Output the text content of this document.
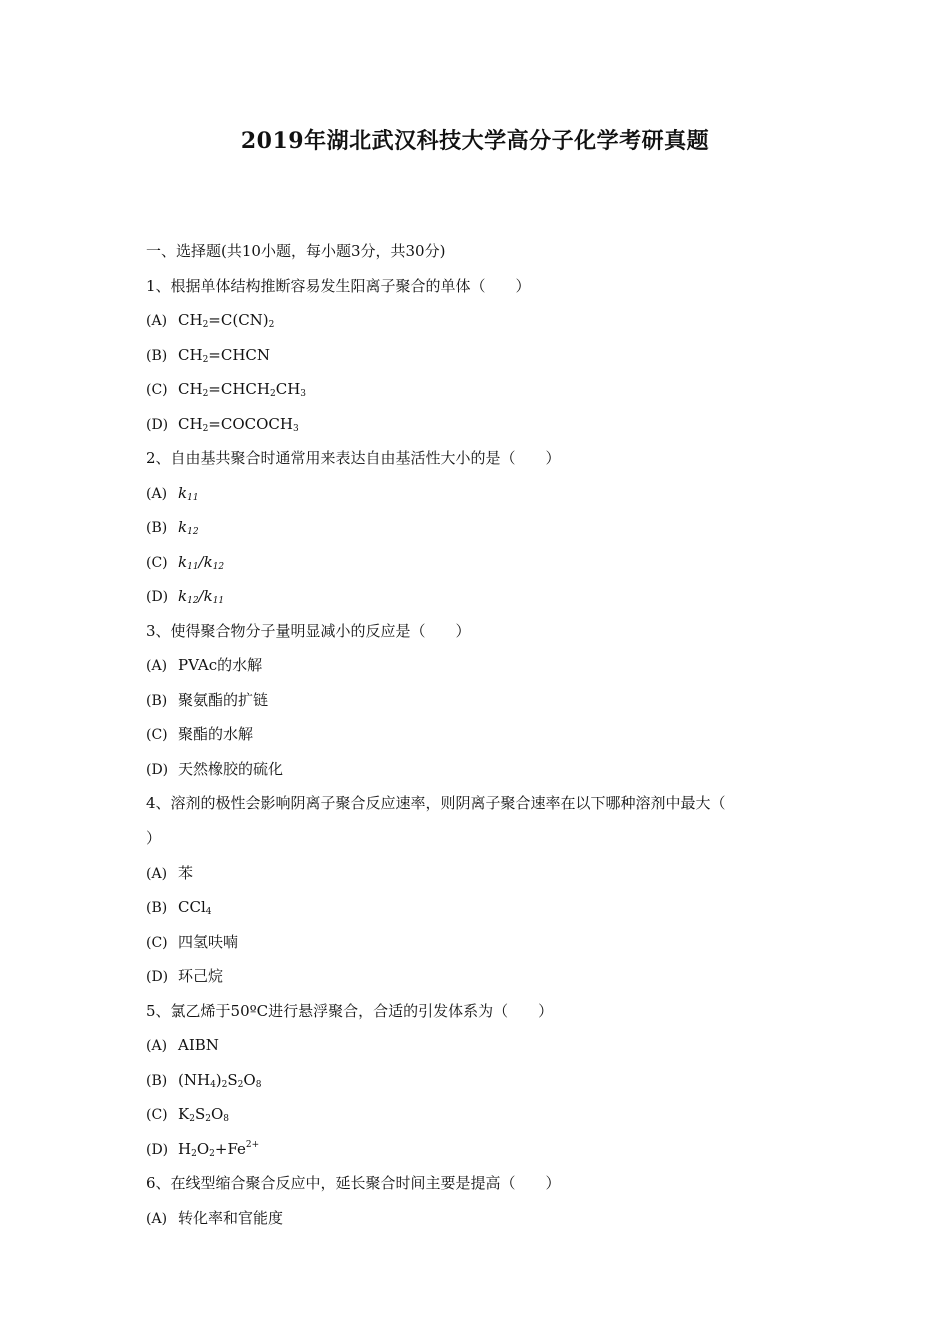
2019年湖北武汉科技大学高分子化学考研真题
一、选择题(共10小题，每小题3分，共30分)
1、根据单体结构推断容易发生阳离子聚合的单体（　　）
(A) $CH_2=C(CN)_2$
(B) $CH_2=CHCN$
(C) $CH_2=CHCH_2CH_3$
(D) $CH_2=COCOCH_3$
2、自由基共聚合时通常用来表达自由基活性大小的是（　　）
(A) $k_{11}$
(B) $k_{12}$
(C) $k_{11}/k_{12}$
(D) $k_{12}/k_{11}$
3、使得聚合物分子量明显减小的反应是（　　）
(A) PVAc的水解
(B) 聚氨酯的扩链
(C) 聚酯的水解
(D) 天然橡胶的硫化
4、溶剂的极性会影响阴离子聚合反应速率，则阴离子聚合速率在以下哪种溶剂中最大（
）
(A) 苯
(B) CCl$_4$
(C) 四氢呋喃
(D) 环己烷
5、氯乙烯于50ºC进行悬浮聚合，合适的引发体系为（　　）
(A) AIBN
(B) $(NH_4)_2S_2O_8$
(C) $K_2S_2O_8$
(D) $H_2O_2+Fe^{2+}$
6、在线型缩合聚合反应中，延长聚合时间主要是提高（　　）
(A) 转化率和官能度
